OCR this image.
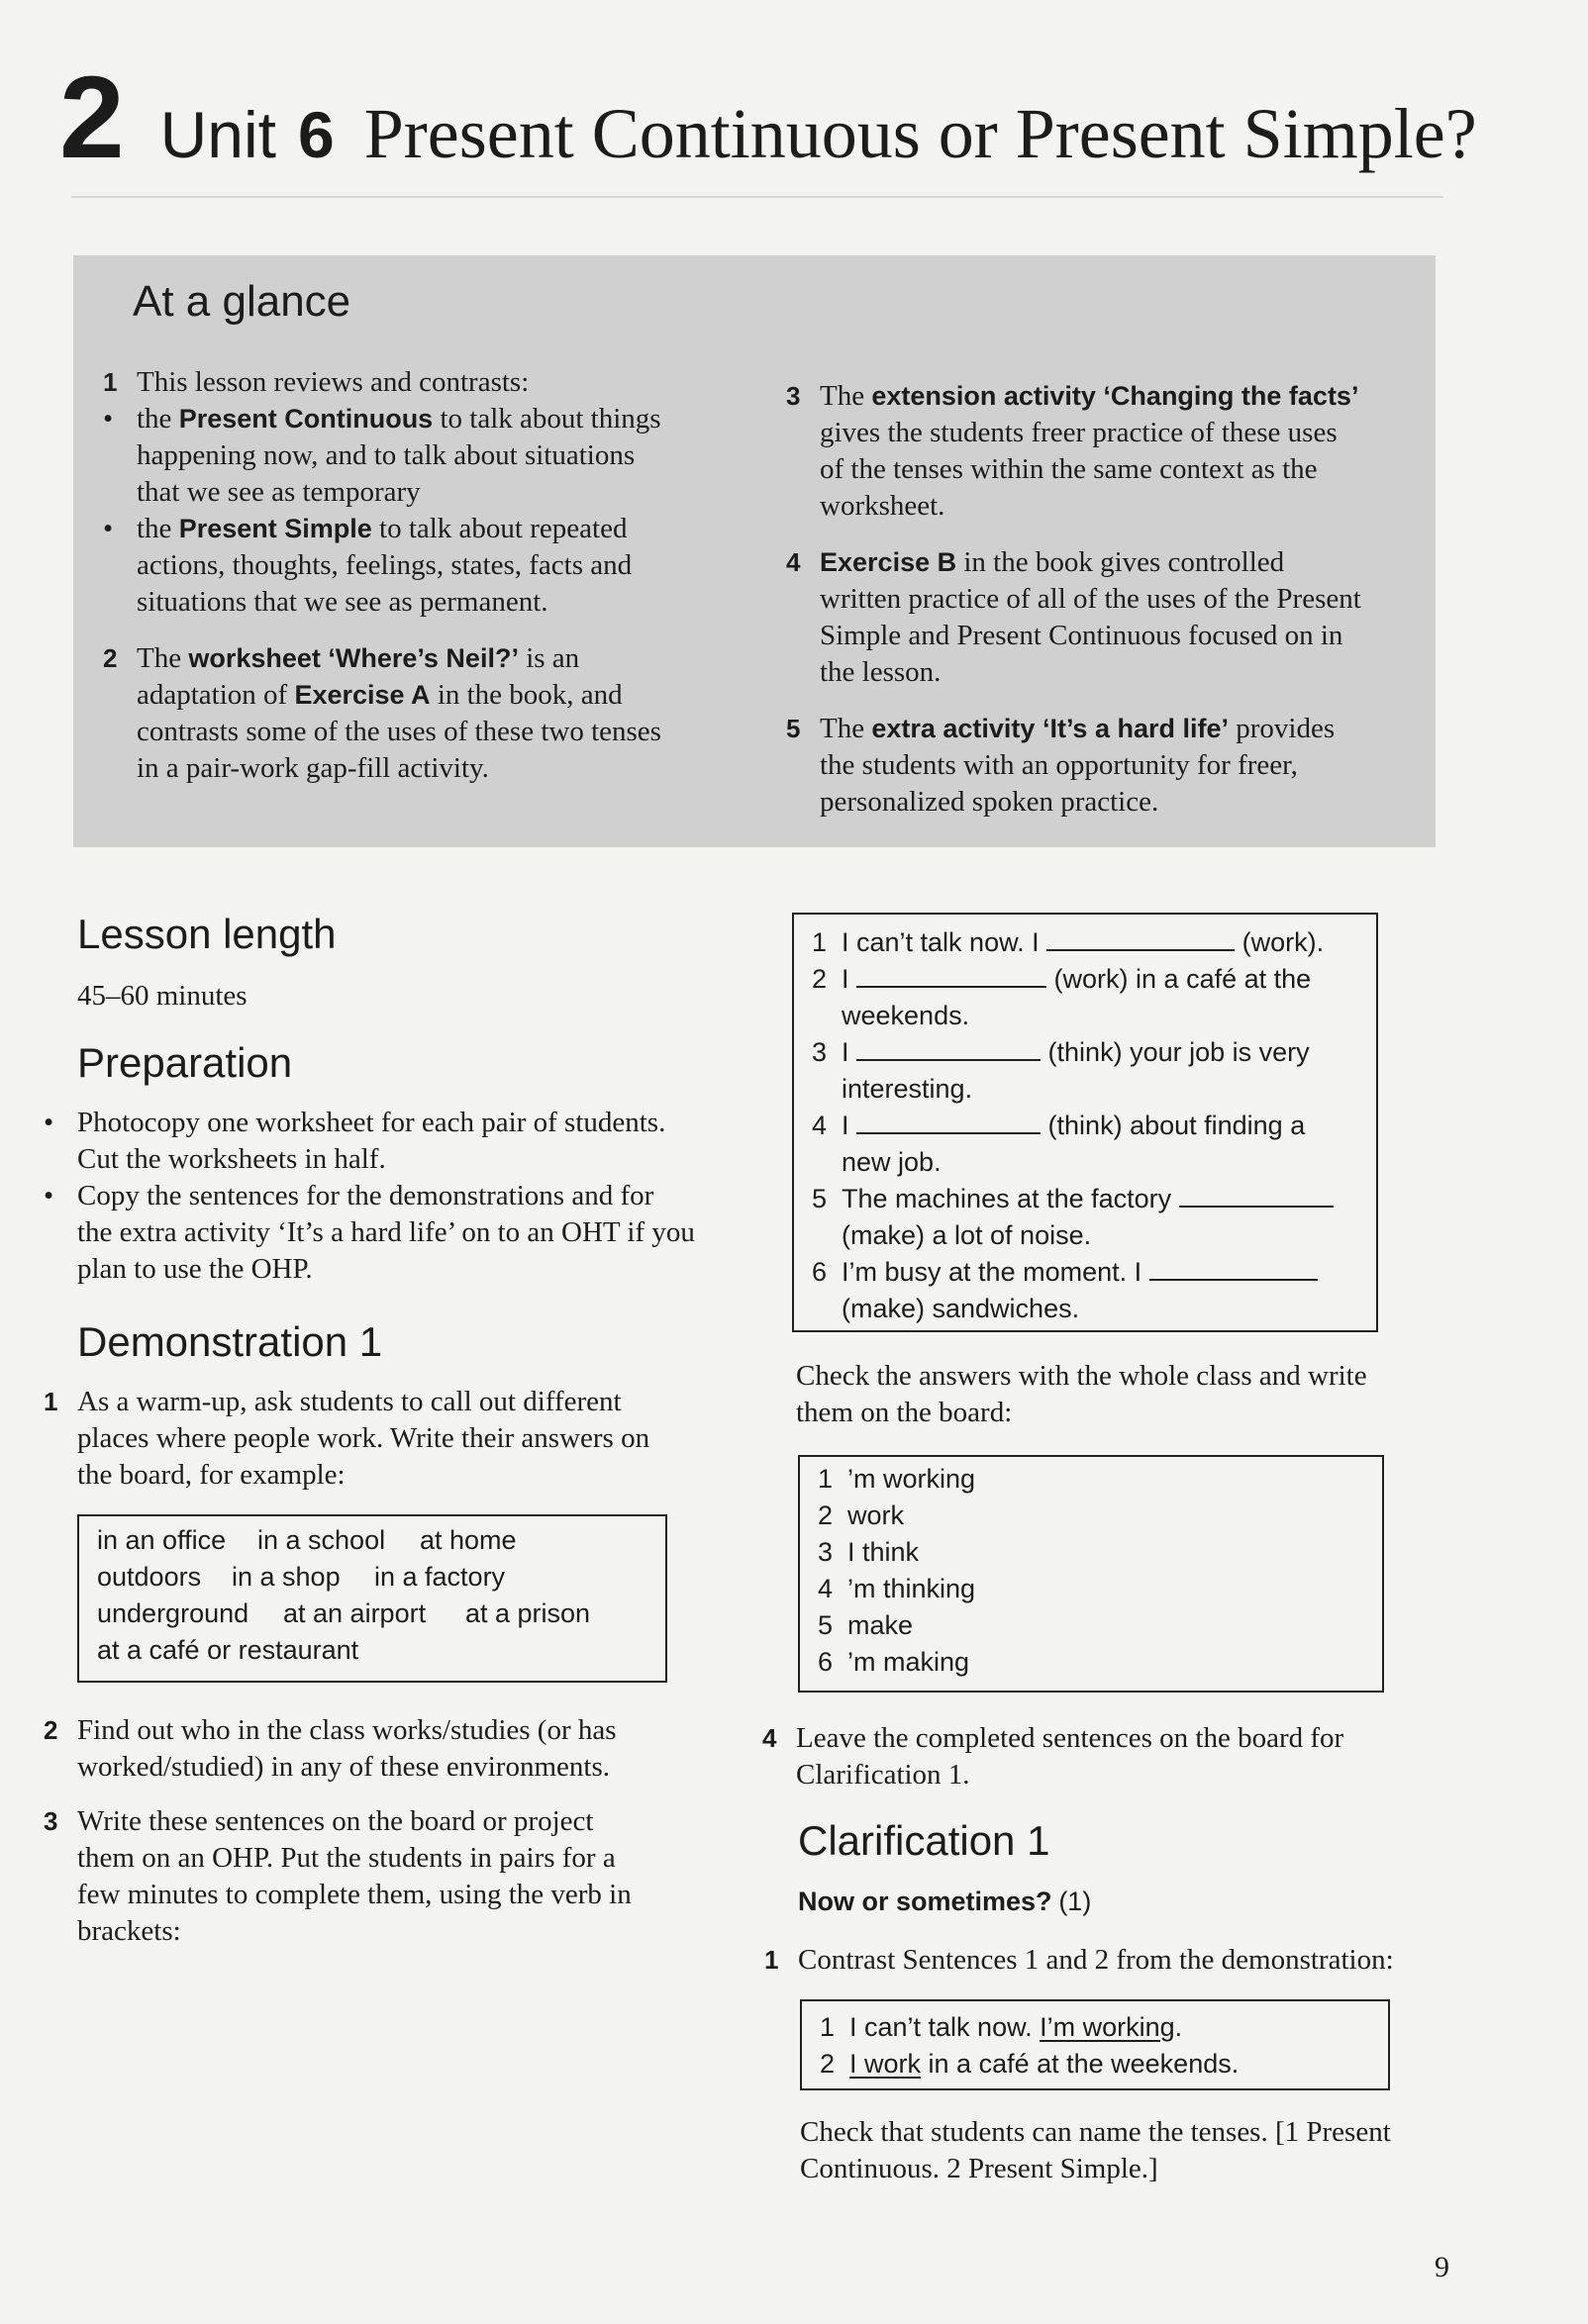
2 Unit 6 Present Continuous or Present Simple?
At a glance

1 This lesson reviews and contrasts:

• the Present Continuous to talk about things

happening now, and to talk about situations

that we see as temporary

• the Present Simple to talk about repeated

actions, thoughts, feelings, states, facts and

situations that we see as permanent.

2 The worksheet ‘Where’s Neil?’ is an

adaptation of Exercise A in the book, and

contrasts some of the uses of these two tenses

in a pair-work gap-fill activity.

3 The extension activity ‘Changing the facts’

gives the students freer practice of these uses

of the tenses within the same context as the

worksheet.

4 Exercise B in the book gives controlled

written practice of all of the uses of the Present

Simple and Present Continuous focused on in

the lesson.

5 The extra activity ‘It’s a hard life’ provides

the students with an opportunity for freer,

personalized spoken practice.

Lesson length
45–60 minutes
Preparation
• Photocopy one worksheet for each pair of students.
Cut the worksheets in half.
• Copy the sentences for the demonstrations and for
the extra activity ‘It’s a hard life’ on to an OHT if you
plan to use the OHP.
Demonstration 1
1 As a warm-up, ask students to call out different
places where people work. Write their answers on
the board, for example:
in an office in a school at home
outdoors in a shop in a factory
underground at an airport at a prison
at a café or restaurant
2 Find out who in the class works/studies (or has
worked/studied) in any of these environments.
3 Write these sentences on the board or project
them on an OHP. Put the students in pairs for a
few minutes to complete them, using the verb in
brackets:
1 I can’t talk now. I	(work).
2 I	(work) in a café at the
weekends.
3 I	(think) your job is very
interesting.
4 I	(think) about finding a
new job.
5 The machines at the factory
(make) a lot of noise.
6 I’m busy at the moment. I
(make) sandwiches.
Check the answers with the whole class and write
them on the board:
1 ’m working
2 work
3 I think
4 ’m thinking
5 make
6 ’m making
4 Leave the completed sentences on the board for
Clarification 1.
Clarification 1
Now or sometimes? (1)
1 Contrast Sentences 1 and 2 from the demonstration:
1 I can’t talk now. I’m working.
2 I work in a café at the weekends.
Check that students can name the tenses. [1 Present
Continuous. 2 Present Simple.]
9
